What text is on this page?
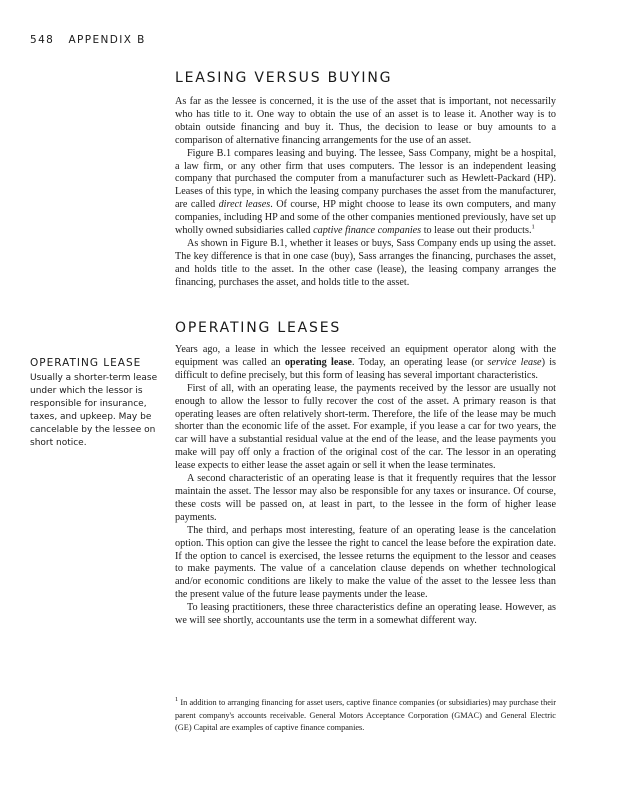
548 APPENDIX B
LEASING VERSUS BUYING

As far as the lessee is concerned, it is the use of the asset that is important, not necessarily who has title to it. One way to obtain the use of an asset is to lease it. Another way is to obtain outside financing and buy it. Thus, the decision to lease or buy amounts to a comparison of alternative financing arrangements for the use of an asset.

Figure B.1 compares leasing and buying. The lessee, Sass Company, might be a hospital, a law firm, or any other firm that uses computers. The lessor is an independent leasing company that purchased the computer from a manufacturer such as Hewlett-Packard (HP). Leases of this type, in which the leasing company purchases the asset from the manufacturer, are called direct leases. Of course, HP might choose to lease its own computers, and many companies, including HP and some of the other companies mentioned previously, have set up wholly owned subsidiaries called captive finance companies to lease out their products.$^1$

As shown in Figure B.1, whether it leases or buys, Sass Company ends up using the asset. The key difference is that in one case (buy), Sass arranges the financing, purchases the asset, and holds title to the asset. In the other case (lease), the leasing company arranges the financing, purchases the asset, and holds title to the asset.

OPERATING LEASES
OPERATING LEASE
Usually a shorter-term lease under which the lessor is responsible for insurance, taxes, and upkeep. May be cancelable by the lessee on short notice.

Years ago, a lease in which the lessee received an equipment operator along with the equipment was called an operating lease. Today, an operating lease (or service lease) is difficult to define precisely, but this form of leasing has several important characteristics.

First of all, with an operating lease, the payments received by the lessor are usually not enough to allow the lessor to fully recover the cost of the asset. A primary reason is that operating leases are often relatively short-term. Therefore, the life of the lease may be much shorter than the economic life of the asset. For example, if you lease a car for two years, the car will have a substantial residual value at the end of the lease, and the lease payments you make will pay off only a fraction of the original cost of the car. The lessor in an operating lease expects to either lease the asset again or sell it when the lease terminates.

A second characteristic of an operating lease is that it frequently requires that the lessor maintain the asset. The lessor may also be responsible for any taxes or insurance. Of course, these costs will be passed on, at least in part, to the lessee in the form of higher lease payments.

The third, and perhaps most interesting, feature of an operating lease is the cancelation option. This option can give the lessee the right to cancel the lease before the expiration date. If the option to cancel is exercised, the lessee returns the equipment to the lessor and ceases to make payments. The value of a cancelation clause depends on whether technological and/or economic conditions are likely to make the value of the asset to the lessee less than the present value of the future lease payments under the lease.

To leasing practitioners, these three characteristics define an operating lease. However, as we will see shortly, accountants use the term in a somewhat different way.

$^1$ In addition to arranging financing for asset users, captive finance companies (or subsidiaries) may purchase their parent company's accounts receivable. General Motors Acceptance Corporation (GMAC) and General Electric (GE) Capital are examples of captive finance companies.
